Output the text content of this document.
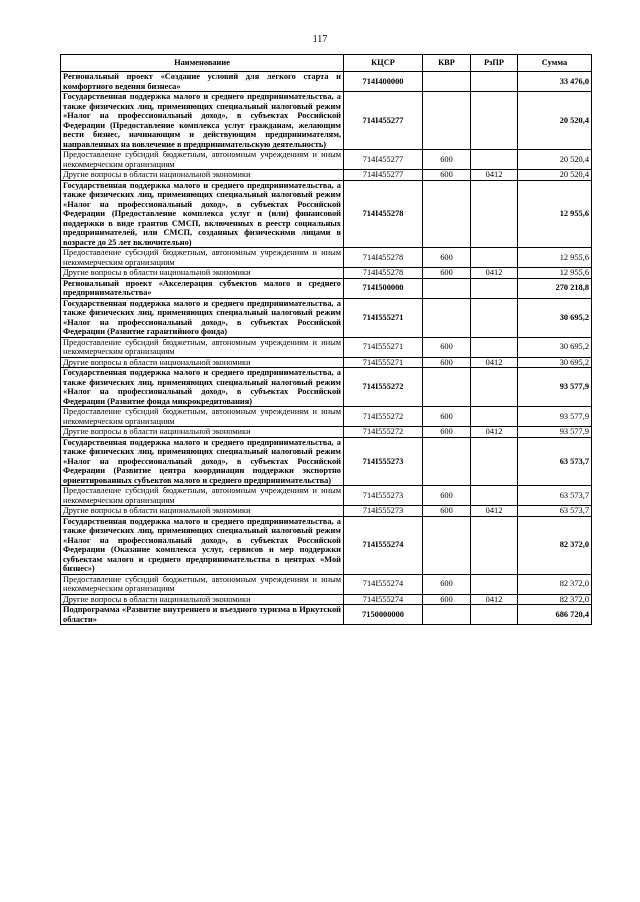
117
Наименование	КЦСР	КВР	РзПР	Сумма
Региональный проект «Создание условий для легкого старта и комфортного ведения бизнеса»	714I400000			33 476,0
Государственная поддержка малого и среднего предпринимательства, а также физических лиц, применяющих специальный налоговый режим «Налог на профессиональный доход», в субъектах Российской Федерации (Предоставление комплекса услуг гражданам, желающим вести бизнес, начинающим и действующим предпринимателям, направленных на вовлечение в предпринимательскую деятельность)	714I455277			20 520,4
Предоставление субсидий бюджетным, автономным учреждениям и иным некоммерческим организациям	714I455277	600		20 520,4
Другие вопросы в области национальной экономики	714I455277	600	0412	20 520,4
Государственная поддержка малого и среднего предпринимательства, а также физических лиц, применяющих специальный налоговый режим «Налог на профессиональный доход», в субъектах Российской Федерации (Предоставление комплекса услуг и (или) финансовой поддержки в виде грантов СМСП, включенных в реестр социальных предпринимателей, или СМСП, созданных физическими лицами в возрасте до 25 лет включительно)	714I455278			12 955,6
Предоставление субсидий бюджетным, автономным учреждениям и иным некоммерческим организациям	714I455278	600		12 955,6
Другие вопросы в области национальной экономики	714I455278	600	0412	12 955,6
Региональный проект «Акселерация субъектов малого и среднего предпринимательства»	714I500000			270 218,8
Государственная поддержка малого и среднего предпринимательства, а также физических лиц, применяющих специальный налоговый режим «Налог на профессиональный доход», в субъектах Российской Федерации (Развитие гарантийного фонда)	714I555271			30 695,2
Предоставление субсидий бюджетным, автономным учреждениям и иным некоммерческим организациям	714I555271	600		30 695,2
Другие вопросы в области национальной экономики	714I555271	600	0412	30 695,2
Государственная поддержка малого и среднего предпринимательства, а также физических лиц, применяющих специальный налоговый режим «Налог на профессиональный доход», в субъектах Российской Федерации (Развитие фонда микрокредитования)	714I555272			93 577,9
Предоставление субсидий бюджетным, автономным учреждениям и иным некоммерческим организациям	714I555272	600		93 577,9
Другие вопросы в области национальной экономики	714I555272	600	0412	93 577,9
Государственная поддержка малого и среднего предпринимательства, а также физических лиц, применяющих специальный налоговый режим «Налог на профессиональный доход», в субъектах Российской Федерации (Развитие центра координации поддержки экспортно ориентированных субъектов малого и среднего предпринимательства)	714I555273			63 573,7
Предоставление субсидий бюджетным, автономным учреждениям и иным некоммерческим организациям	714I555273	600		63 573,7
Другие вопросы в области национальной экономики	714I555273	600	0412	63 573,7
Государственная поддержка малого и среднего предпринимательства, а также физических лиц, применяющих специальный налоговый режим «Налог на профессиональный доход», в субъектах Российской Федерации (Оказание комплекса услуг, сервисов и мер поддержки субъектам малого и среднего предпринимательства в центрах «Мой бизнес»)	714I555274			82 372,0
Предоставление субсидий бюджетным, автономным учреждениям и иным некоммерческим организациям	714I555274	600		82 372,0
Другие вопросы в области национальной экономики	714I555274	600	0412	82 372,0
Подпрограмма «Развитие внутреннего и въездного туризма в Иркутской области»	7150000000			686 720,4
